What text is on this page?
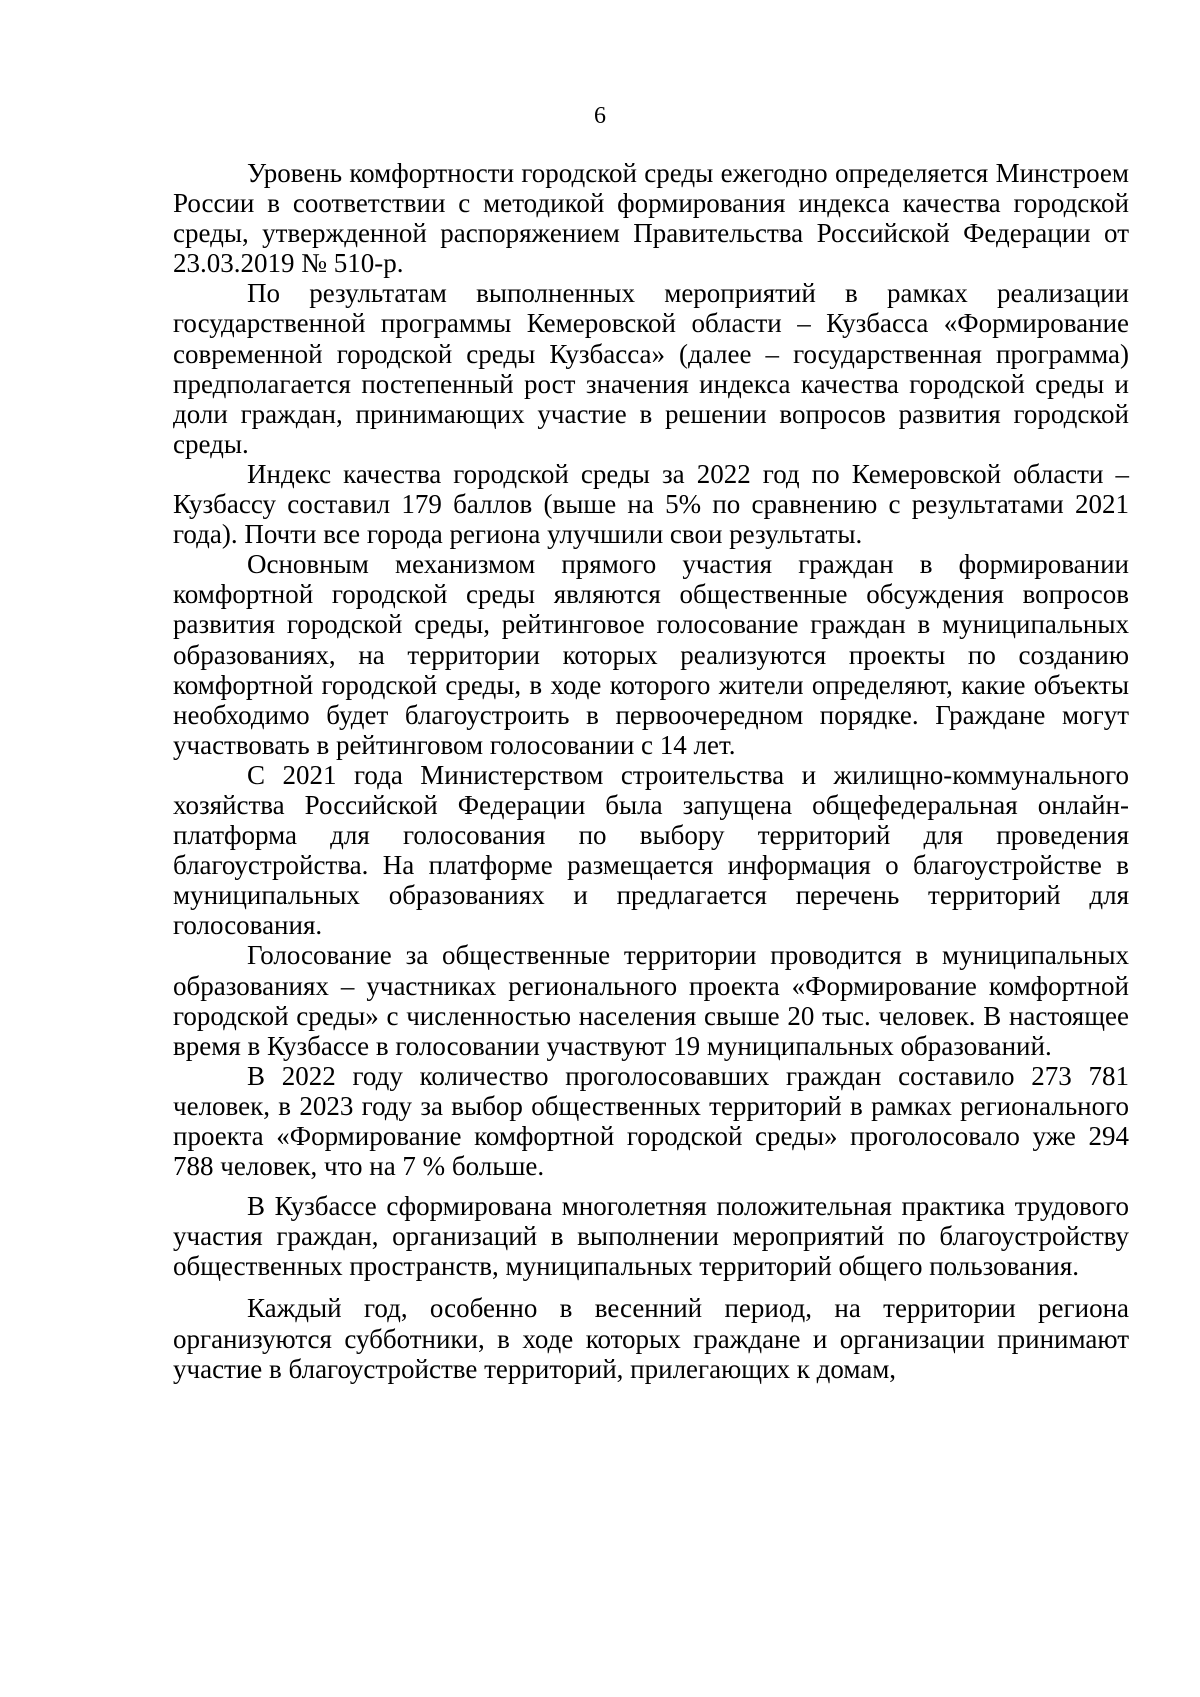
6

Уровень комфортности городской среды ежегодно определяется Минстроем России в соответствии с методикой формирования индекса качества городской среды, утвержденной распоряжением Правительства Российской Федерации от 23.03.2019 № 510-р.

По результатам выполненных мероприятий в рамках реализации государственной программы Кемеровской области – Кузбасса «Формирование современной городской среды Кузбасса» (далее – государственная программа) предполагается постепенный рост значения индекса качества городской среды и доли граждан, принимающих участие в решении вопросов развития городской среды.

Индекс качества городской среды за 2022 год по Кемеровской области – Кузбассу составил 179 баллов (выше на 5% по сравнению с результатами 2021 года). Почти все города региона улучшили свои результаты.

Основным механизмом прямого участия граждан в формировании комфортной городской среды являются общественные обсуждения вопросов развития городской среды, рейтинговое голосование граждан в муниципальных образованиях, на территории которых реализуются проекты по созданию комфортной городской среды, в ходе которого жители определяют, какие объекты необходимо будет благоустроить в первоочередном порядке. Граждане могут участвовать в рейтинговом голосовании с 14 лет.

С 2021 года Министерством строительства и жилищно-коммунального хозяйства Российской Федерации была запущена общефедеральная онлайн-платформа для голосования по выбору территорий для проведения благоустройства. На платформе размещается информация о благоустройстве в муниципальных образованиях и предлагается перечень территорий для голосования.

Голосование за общественные территории проводится в муниципальных образованиях – участниках регионального проекта «Формирование комфортной городской среды» с численностью населения свыше 20 тыс. человек. В настоящее время в Кузбассе в голосовании участвуют 19 муниципальных образований.

В 2022 году количество проголосовавших граждан составило 273 781 человек, в 2023 году за выбор общественных территорий в рамках регионального проекта «Формирование комфортной городской среды» проголосовало уже 294 788 человек, что на 7 % больше.

В Кузбассе сформирована многолетняя положительная практика трудового участия граждан, организаций в выполнении мероприятий по благоустройству общественных пространств, муниципальных территорий общего пользования.

Каждый год, особенно в весенний период, на территории региона организуются субботники, в ходе которых граждане и организации принимают участие в благоустройстве территорий, прилегающих к домам,
